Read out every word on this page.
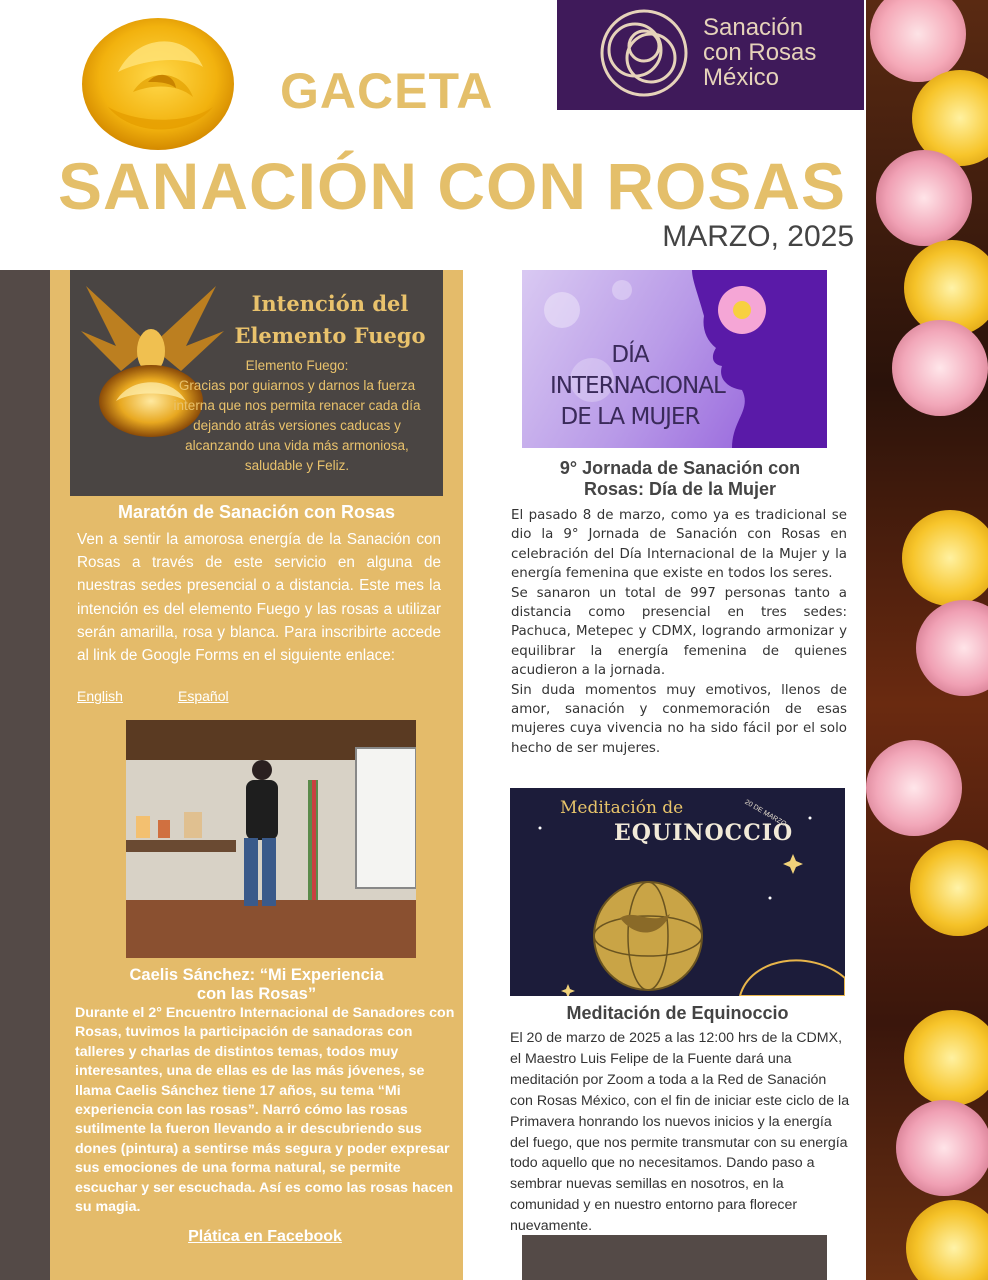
GACETA
SANACIÓN CON ROSAS
MARZO, 2025
Sanación
con Rosas
México
Intención del
Elemento Fuego
Elemento Fuego:
Gracias por guiarnos y darnos la fuerza
interna que nos permita renacer cada día
dejando atrás versiones caducas y
alcanzando una vida más armoniosa,
saludable y Feliz.
Maratón de Sanación con Rosas
Ven a sentir la amorosa energía de la Sanación con Rosas a través de este servicio en alguna de nuestras sedes presencial o a distancia. Este mes la intención es del elemento Fuego y las rosas a utilizar serán amarilla, rosa y blanca. Para inscribirte accede al link de Google Forms en el siguiente enlace:
English	Español
Caelis Sánchez: “Mi Experiencia
con las Rosas”
Durante el 2° Encuentro Internacional de Sanadores con Rosas, tuvimos la participación de sanadoras con talleres y charlas de distintos temas, todos muy interesantes, una de ellas es de las más jóvenes, se llama Caelis Sánchez tiene 17 años, su tema “Mi experiencia con las rosas”. Narró cómo las rosas sutilmente la fueron llevando a ir descubriendo sus dones (pintura) a sentirse más segura y poder expresar sus emociones de una forma natural, se permite escuchar y ser escuchada. Así es como las rosas hacen su magia.
Plática en Facebook
DÍA
INTERNACIONAL
DE LA MUJER
9° Jornada de Sanación con
Rosas: Día de la Mujer
El pasado 8 de marzo, como ya es tradicional se dio la 9° Jornada de Sanación con Rosas en celebración del Día Internacional de la Mujer y la energía femenina que existe en todos los seres.
Se sanaron un total de 997 personas tanto a distancia como presencial en tres sedes: Pachuca, Metepec y CDMX, logrando armonizar y equilibrar la energía femenina de quienes acudieron a la jornada.
Sin duda momentos muy emotivos, llenos de amor, sanación y conmemoración de esas mujeres cuya vivencia no ha sido fácil por el solo hecho de ser mujeres.
Meditación de
EQUINOCCIO
20 DE MARZO
Meditación de Equinoccio
El 20 de marzo de 2025 a las 12:00 hrs de la CDMX, el Maestro Luis Felipe de la Fuente dará una meditación por Zoom a toda a la Red de Sanación con Rosas México, con el fin de iniciar este ciclo de la Primavera honrando los nuevos inicios y la energía del fuego, que nos permite transmutar con su energía todo aquello que no necesitamos. Dando paso a sembrar nuevas semillas en nosotros, en la comunidad y en nuestro entorno para florecer nuevamente.
